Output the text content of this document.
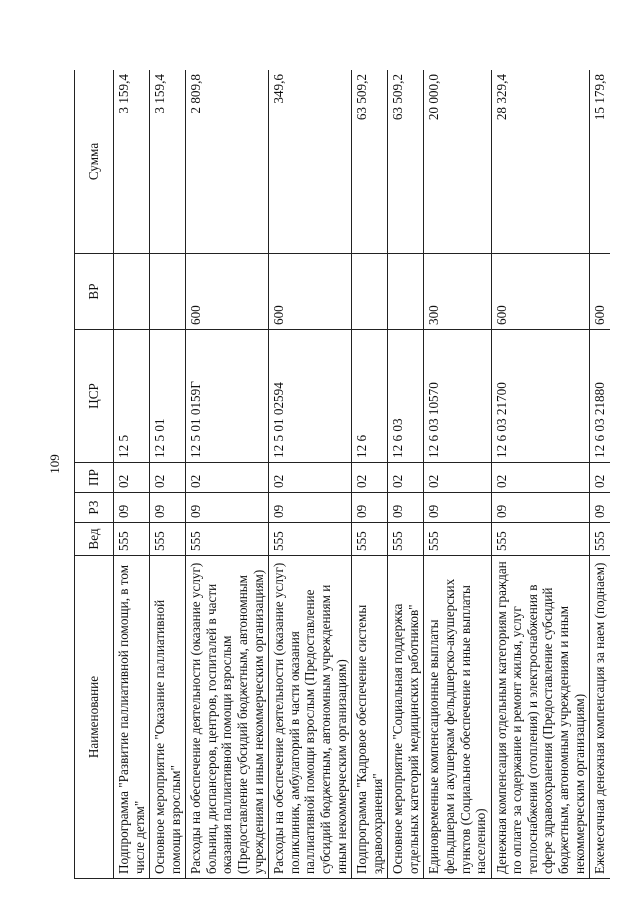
109
Наименование	Вед	РЗ	ПР	ЦСР	ВР	Сумма
Подпрограмма "Развитие паллиативной помощи, в том числе детям"	555	09	02	12 5		3 159,4
Основное мероприятие "Оказание паллиативной помощи взрослым"	555	09	02	12 5 01		3 159,4
Расходы на обеспечение деятельности (оказание услуг) больниц, диспансеров, центров, госпиталей в части оказания паллиативной помощи взрослым (Предоставление субсидий бюджетным, автономным учреждениям и иным некоммерческим организациям)	555	09	02	12 5 01 0159Г	600	2 809,8
Расходы на обеспечение деятельности (оказание услуг) поликлиник, амбулаторий в части оказания паллиативной помощи взрослым (Предоставление субсидий бюджетным, автономным учреждениям и иным некоммерческим организациям)	555	09	02	12 5 01 02594	600	349,6
Подпрограмма "Кадровое обеспечение системы здравоохранения"	555	09	02	12 6		63 509,2
Основное мероприятие "Социальная поддержка отдельных категорий медицинских работников"	555	09	02	12 6 03		63 509,2
Единовременные компенсационные выплаты фельдшерам и акушеркам фельдшерско-акушерских пунктов (Социальное обеспечение и иные выплаты населению)	555	09	02	12 6 03 10570	300	20 000,0
Денежная компенсация отдельным категориям граждан по оплате за содержание и ремонт жилья, услуг теплоснабжения (отопления) и электроснабжения в сфере здравоохранения (Предоставление субсидий бюджетным, автономным учреждениям и иным некоммерческим организациям)	555	09	02	12 6 03 21700	600	28 329,4
Ежемесячная денежная компенсация за наем (поднаем)	555	09	02	12 6 03 21880	600	15 179,8
